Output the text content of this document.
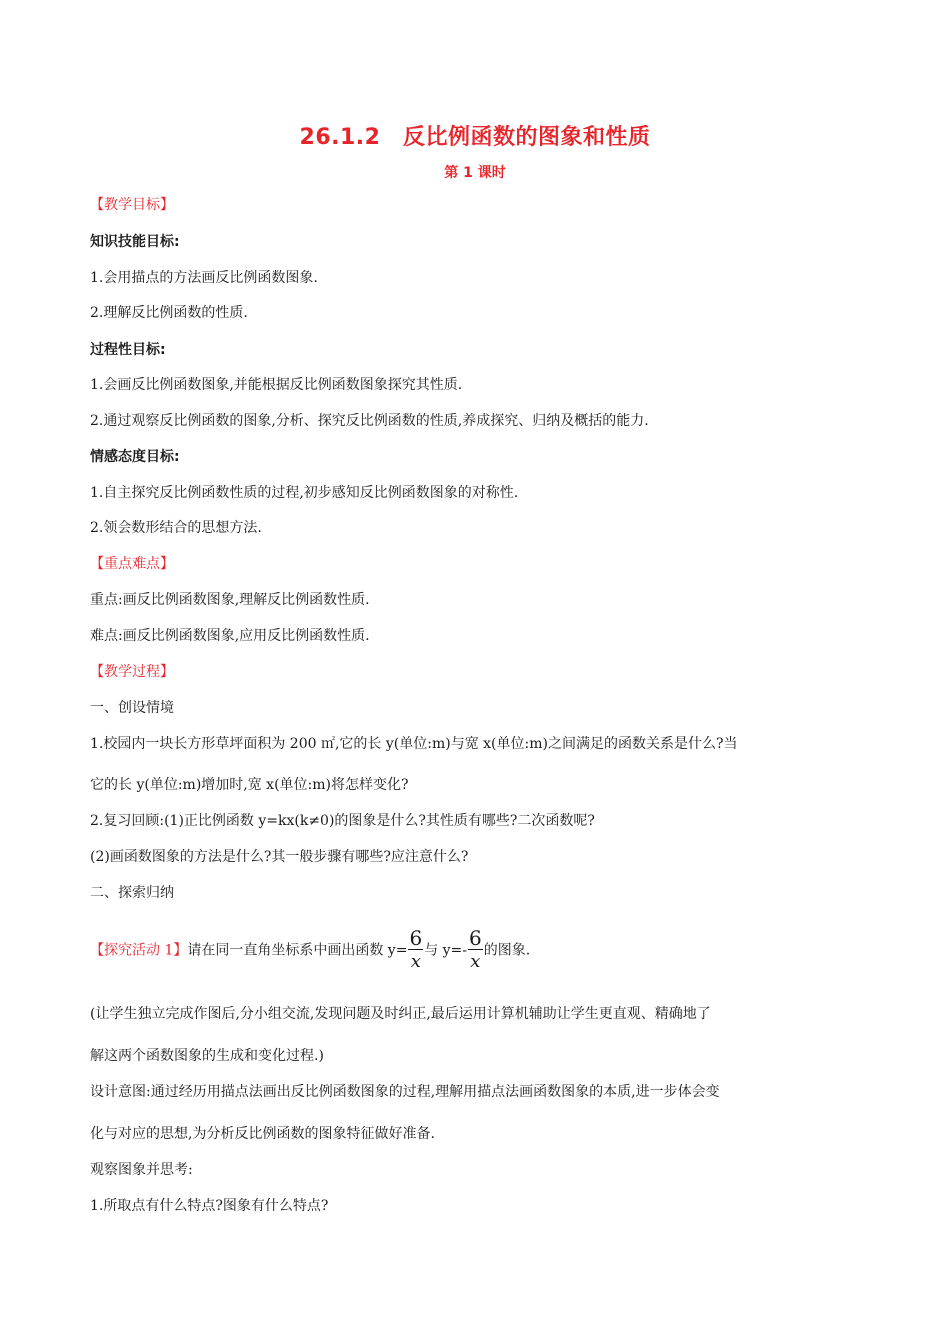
26.1.2　反比例函数的图象和性质
第 1 课时
【教学目标】
知识技能目标:
1.会用描点的方法画反比例函数图象.
2.理解反比例函数的性质.
过程性目标:
1.会画反比例函数图象,并能根据反比例函数图象探究其性质.
2.通过观察反比例函数的图象,分析、探究反比例函数的性质,养成探究、归纳及概括的能力.
情感态度目标:
1.自主探究反比例函数性质的过程,初步感知反比例函数图象的对称性.
2.领会数形结合的思想方法.
【重点难点】
重点:画反比例函数图象,理解反比例函数性质.
难点:画反比例函数图象,应用反比例函数性质.
【教学过程】
一、创设情境
1.校园内一块长方形草坪面积为 200 ㎡,它的长 y(单位:m)与宽 x(单位:m)之间满足的函数关系是什么?当
它的长 y(单位:m)增加时,宽 x(单位:m)将怎样变化?
2.复习回顾:(1)正比例函数 y=kx(k≠0)的图象是什么?其性质有哪些?二次函数呢?
(2)画函数图象的方法是什么?其一般步骤有哪些?应注意什么?
二、探索归纳
【探究活动 1】请在同一直角坐标系中画出函数 $y= \frac{6}{x}$ 与 $y=- \frac{6}{x}$ 的图象.
(让学生独立完成作图后,分小组交流,发现问题及时纠正,最后运用计算机辅助让学生更直观、精确地了
解这两个函数图象的生成和变化过程.)
设计意图:通过经历用描点法画出反比例函数图象的过程,理解用描点法画函数图象的本质,进一步体会变
化与对应的思想,为分析反比例函数的图象特征做好准备.
观察图象并思考:
1.所取点有什么特点?图象有什么特点?
